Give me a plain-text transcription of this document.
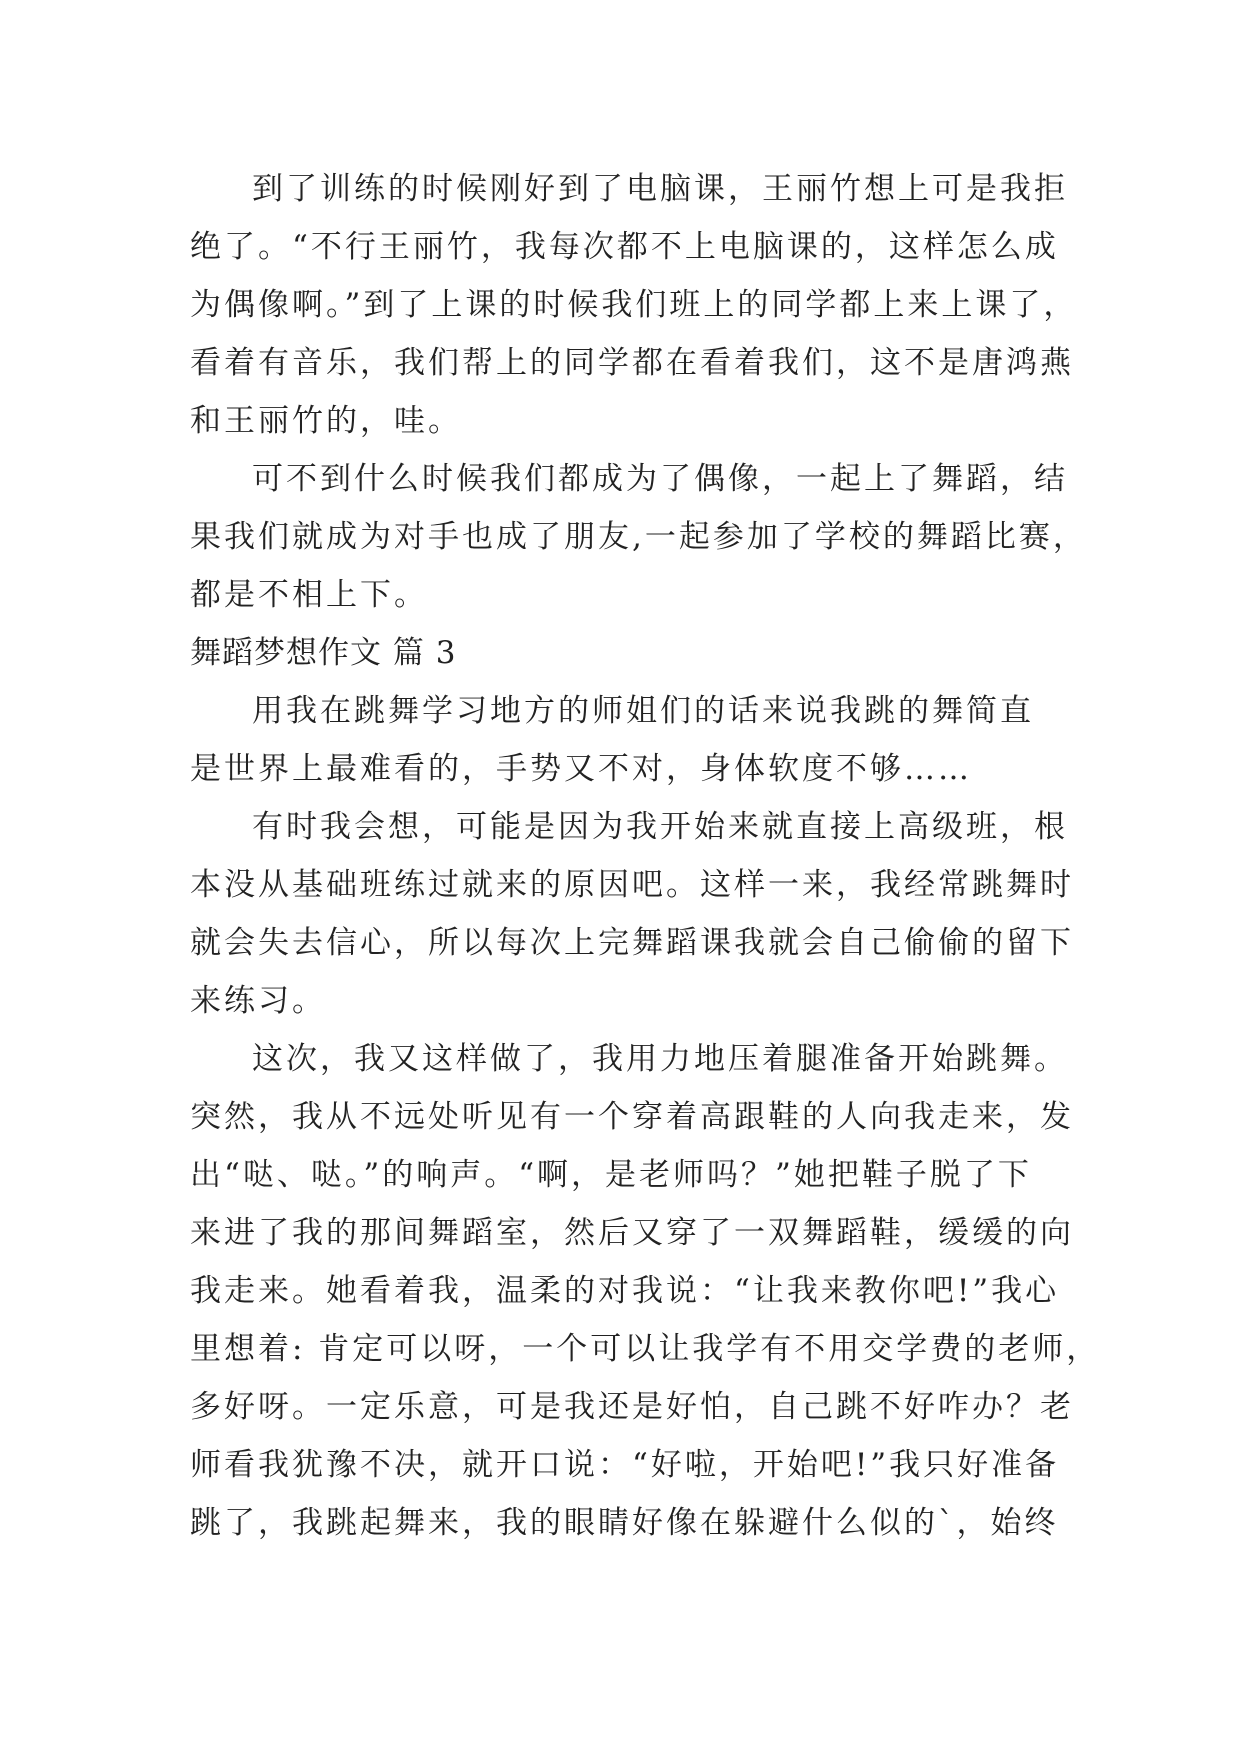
到了训练的时候刚好到了电脑课，王丽竹想上可是我拒
绝了。“不行王丽竹，我每次都不上电脑课的，这样怎么成
为偶像啊。”到了上课的时候我们班上的同学都上来上课了，
看着有音乐，我们帮上的同学都在看着我们，这不是唐鸿燕
和王丽竹的，哇。
可不到什么时候我们都成为了偶像，一起上了舞蹈，结
果我们就成为对手也成了朋友,一起参加了学校的舞蹈比赛，
都是不相上下。
舞蹈梦想作文 篇 3
用我在跳舞学习地方的师姐们的话来说我跳的舞简直
是世界上最难看的，手势又不对，身体软度不够……
有时我会想，可能是因为我开始来就直接上高级班，根
本没从基础班练过就来的原因吧。这样一来，我经常跳舞时
就会失去信心，所以每次上完舞蹈课我就会自己偷偷的留下
来练习。
这次，我又这样做了，我用力地压着腿准备开始跳舞。
突然，我从不远处听见有一个穿着高跟鞋的人向我走来，发
出“哒、哒。”的响声。“啊，是老师吗？”她把鞋子脱了下
来进了我的那间舞蹈室，然后又穿了一双舞蹈鞋，缓缓的向
我走来。她看着我，温柔的对我说：“让我来教你吧!”我心
里想着: 肯定可以呀，一个可以让我学有不用交学费的老师，
多好呀。一定乐意，可是我还是好怕，自己跳不好咋办？老
师看我犹豫不决，就开口说：“好啦，开始吧!”我只好准备
跳了，我跳起舞来，我的眼睛好像在躲避什么似的`，始终
